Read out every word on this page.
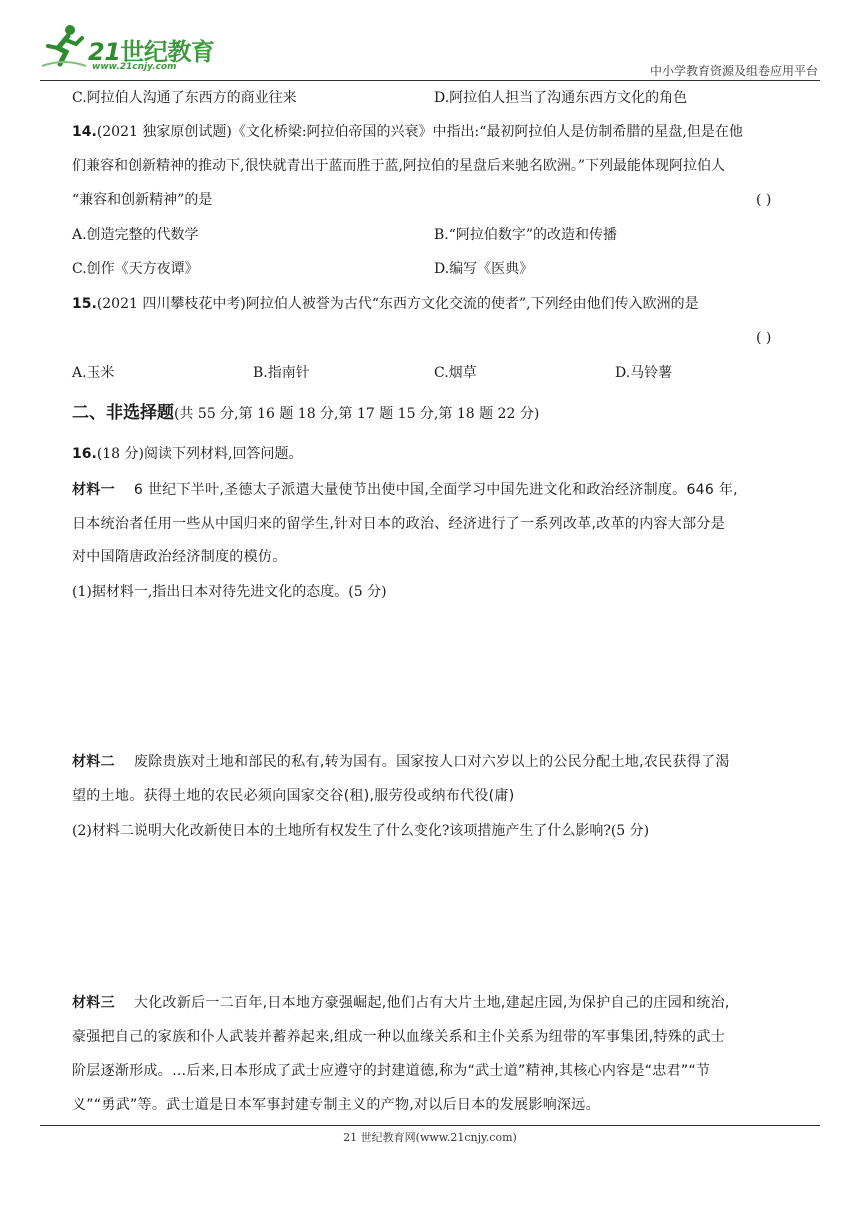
21世纪教育
www.21cnjy.com	中小学教育资源及组卷应用平台
C.阿拉伯人沟通了东西方的商业往来	D.阿拉伯人担当了沟通东西方文化的角色
14.(2021 独家原创试题)《文化桥梁:阿拉伯帝国的兴衰》中指出:“最初阿拉伯人是仿制希腊的星盘,但是在他
们兼容和创新精神的推动下,很快就青出于蓝而胜于蓝,阿拉伯的星盘后来驰名欧洲。”下列最能体现阿拉伯人
“兼容和创新精神”的是	( )
A.创造完整的代数学	B.“阿拉伯数字”的改造和传播
C.创作《天方夜谭》	D.编写《医典》
15.(2021 四川攀枝花中考)阿拉伯人被誉为古代“东西方文化交流的使者”,下列经由他们传入欧洲的是
( )
A.玉米	B.指南针	C.烟草	D.马铃薯
二、非选择题(共 55 分,第 16 题 18 分,第 17 题 15 分,第 18 题 22 分)
16.(18 分)阅读下列材料,回答问题。
材料一 6 世纪下半叶,圣德太子派遣大量使节出使中国,全面学习中国先进文化和政治经济制度。646 年,
日本统治者任用一些从中国归来的留学生,针对日本的政治、经济进行了一系列改革,改革的内容大部分是
对中国隋唐政治经济制度的模仿。
(1)据材料一,指出日本对待先进文化的态度。(5 分)
材料二 废除贵族对土地和部民的私有,转为国有。国家按人口对六岁以上的公民分配土地,农民获得了渴
望的土地。获得土地的农民必须向国家交谷(租),服劳役或纳布代役(庸)
(2)材料二说明大化改新使日本的土地所有权发生了什么变化?该项措施产生了什么影响?(5 分)
材料三 大化改新后一二百年,日本地方豪强崛起,他们占有大片土地,建起庄园,为保护自己的庄园和统治,
豪强把自己的家族和仆人武装并蓄养起来,组成一种以血缘关系和主仆关系为纽带的军事集团,特殊的武士
阶层逐渐形成。…后来,日本形成了武士应遵守的封建道德,称为“武士道”精神,其核心内容是“忠君”“节
义”“勇武”等。武士道是日本军事封建专制主义的产物,对以后日本的发展影响深远。
21 世纪教育网(www.21cnjy.com)
